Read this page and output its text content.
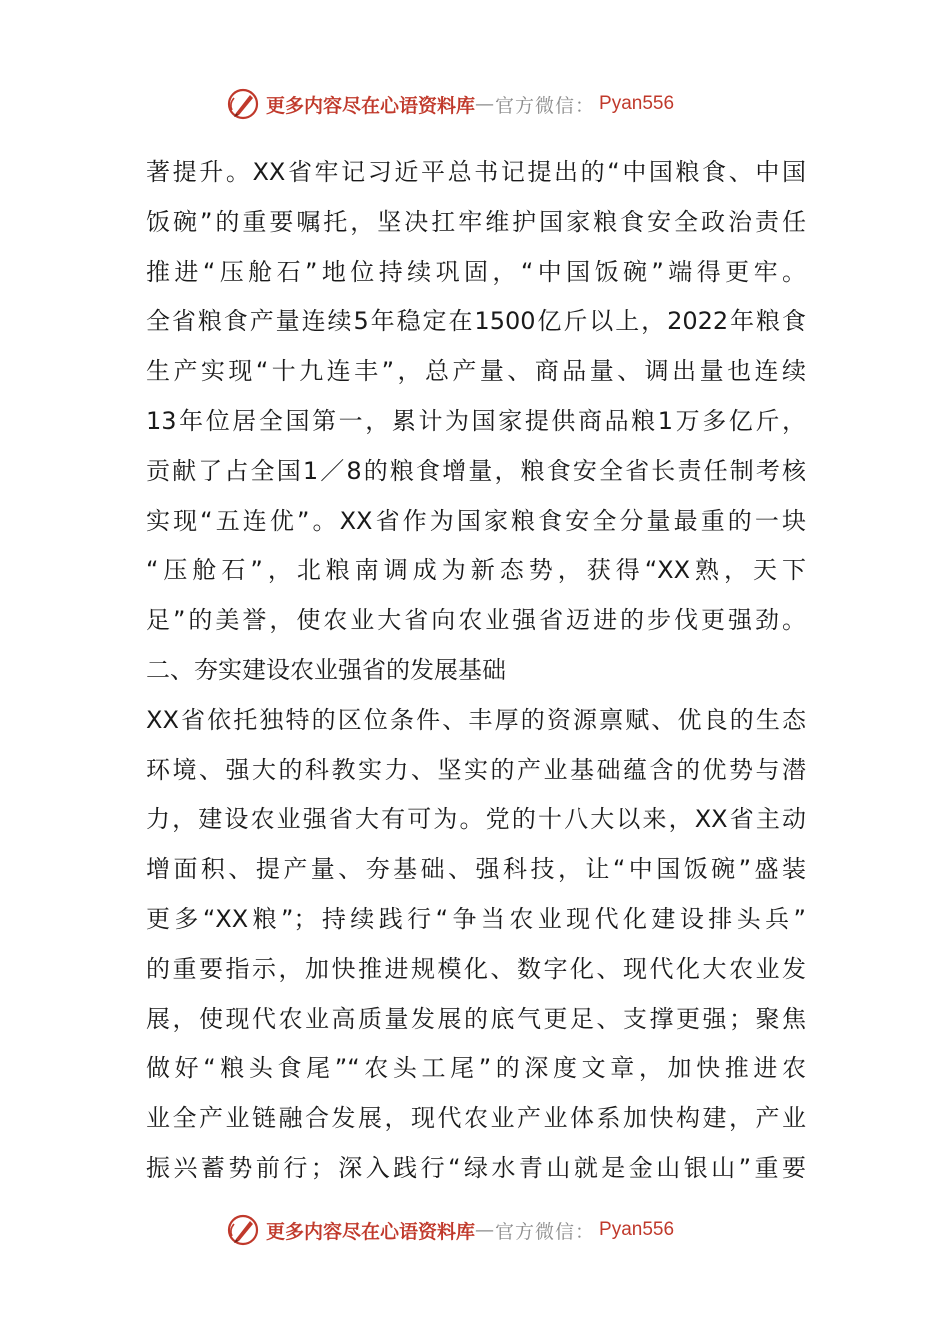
更多内容尽在心语资料库 — 官方微信： Pyan556
著提升。XX省牢记习近平总书记提出的“中国粮食、中国
饭碗”的重要嘱托，坚决扛牢维护国家粮食安全政治责任
推进“压舱石”地位持续巩固，“中国饭碗”端得更牢。
全省粮食产量连续5年稳定在1500亿斤以上，2022年粮食
生产实现“十九连丰”，总产量、商品量、调出量也连续
13年位居全国第一，累计为国家提供商品粮1万多亿斤，
贡献了占全国1／8的粮食增量，粮食安全省长责任制考核
实现“五连优”。XX省作为国家粮食安全分量最重的一块
“压舱石”，北粮南调成为新态势，获得“XX熟，天下
足”的美誉，使农业大省向农业强省迈进的步伐更强劲。
二、夯实建设农业强省的发展基础
XX省依托独特的区位条件、丰厚的资源禀赋、优良的生态
环境、强大的科教实力、坚实的产业基础蕴含的优势与潜
力，建设农业强省大有可为。党的十八大以来，XX省主动
增面积、提产量、夯基础、强科技，让“中国饭碗”盛装
更多“XX粮”；持续践行“争当农业现代化建设排头兵”
的重要指示，加快推进规模化、数字化、现代化大农业发
展，使现代农业高质量发展的底气更足、支撑更强；聚焦
做好“粮头食尾”“农头工尾”的深度文章，加快推进农
业全产业链融合发展，现代农业产业体系加快构建，产业
振兴蓄势前行；深入践行“绿水青山就是金山银山”重要
更多内容尽在心语资料库 — 官方微信： Pyan556
